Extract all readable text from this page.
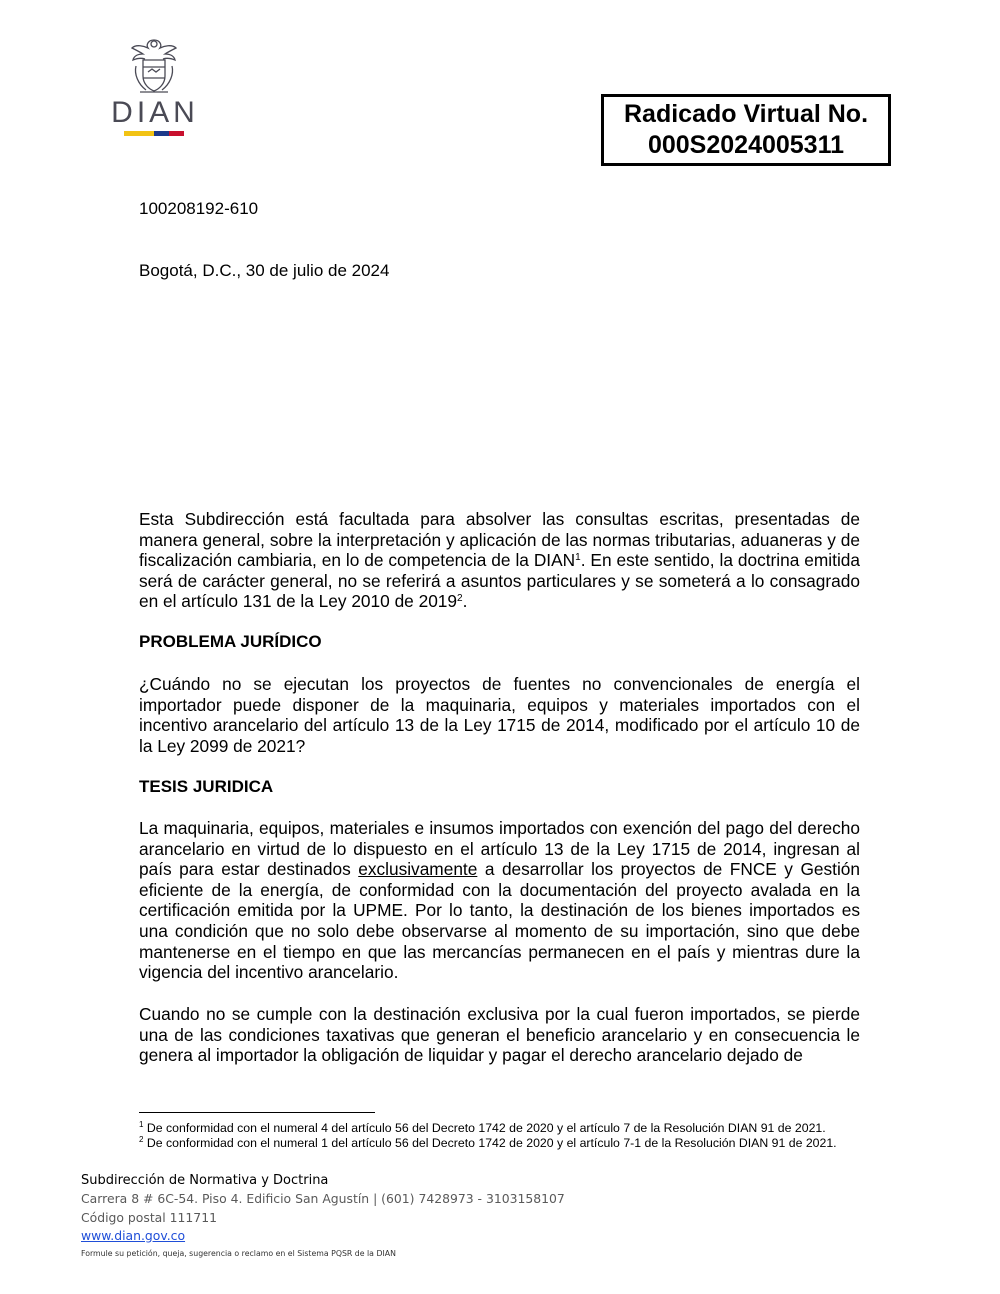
DIAN	Radicado Virtual No.
000S2024005311
100208192-610
Bogotá, D.C., 30 de julio de 2024

Esta Subdirección está facultada para absolver las consultas escritas, presentadas de manera general, sobre la interpretación y aplicación de las normas tributarias, aduaneras y de fiscalización cambiaria, en lo de competencia de la DIAN$^1$. En este sentido, la doctrina emitida será de carácter general, no se referirá a asuntos particulares y se someterá a lo consagrado en el artículo 131 de la Ley 2010 de 2019$^2$.

PROBLEMA JURÍDICO

¿Cuándo no se ejecutan los proyectos de fuentes no convencionales de energía el importador puede disponer de la maquinaria, equipos y materiales importados con el incentivo arancelario del artículo 13 de la Ley 1715 de 2014, modificado por el artículo 10 de la Ley 2099 de 2021?

TESIS JURIDICA

La maquinaria, equipos, materiales e insumos importados con exención del pago del derecho arancelario en virtud de lo dispuesto en el artículo 13 de la Ley 1715 de 2014, ingresan al país para estar destinados exclusivamente a desarrollar los proyectos de FNCE y Gestión eficiente de la energía, de conformidad con la documentación del proyecto avalada en la certificación emitida por la UPME. Por lo tanto, la destinación de los bienes importados es una condición que no solo debe observarse al momento de su importación, sino que debe mantenerse en el tiempo en que las mercancías permanecen en el país y mientras dure la vigencia del incentivo arancelario.

Cuando no se cumple con la destinación exclusiva por la cual fueron importados, se pierde una de las condiciones taxativas que generan el beneficio arancelario y en consecuencia le genera al importador la obligación de liquidar y pagar el derecho arancelario dejado de

$^1$ De conformidad con el numeral 4 del artículo 56 del Decreto 1742 de 2020 y el artículo 7 de la Resolución DIAN 91 de 2021.

$^2$ De conformidad con el numeral 1 del artículo 56 del Decreto 1742 de 2020 y el artículo 7-1 de la Resolución DIAN 91 de 2021.

Subdirección de Normativa y Doctrina
Carrera 8 # 6C-54. Piso 4. Edificio San Agustín | (601) 7428973 - 3103158107
Código postal 111711
www.dian.gov.co
Formule su petición, queja, sugerencia o reclamo en el Sistema PQSR de la DIAN
